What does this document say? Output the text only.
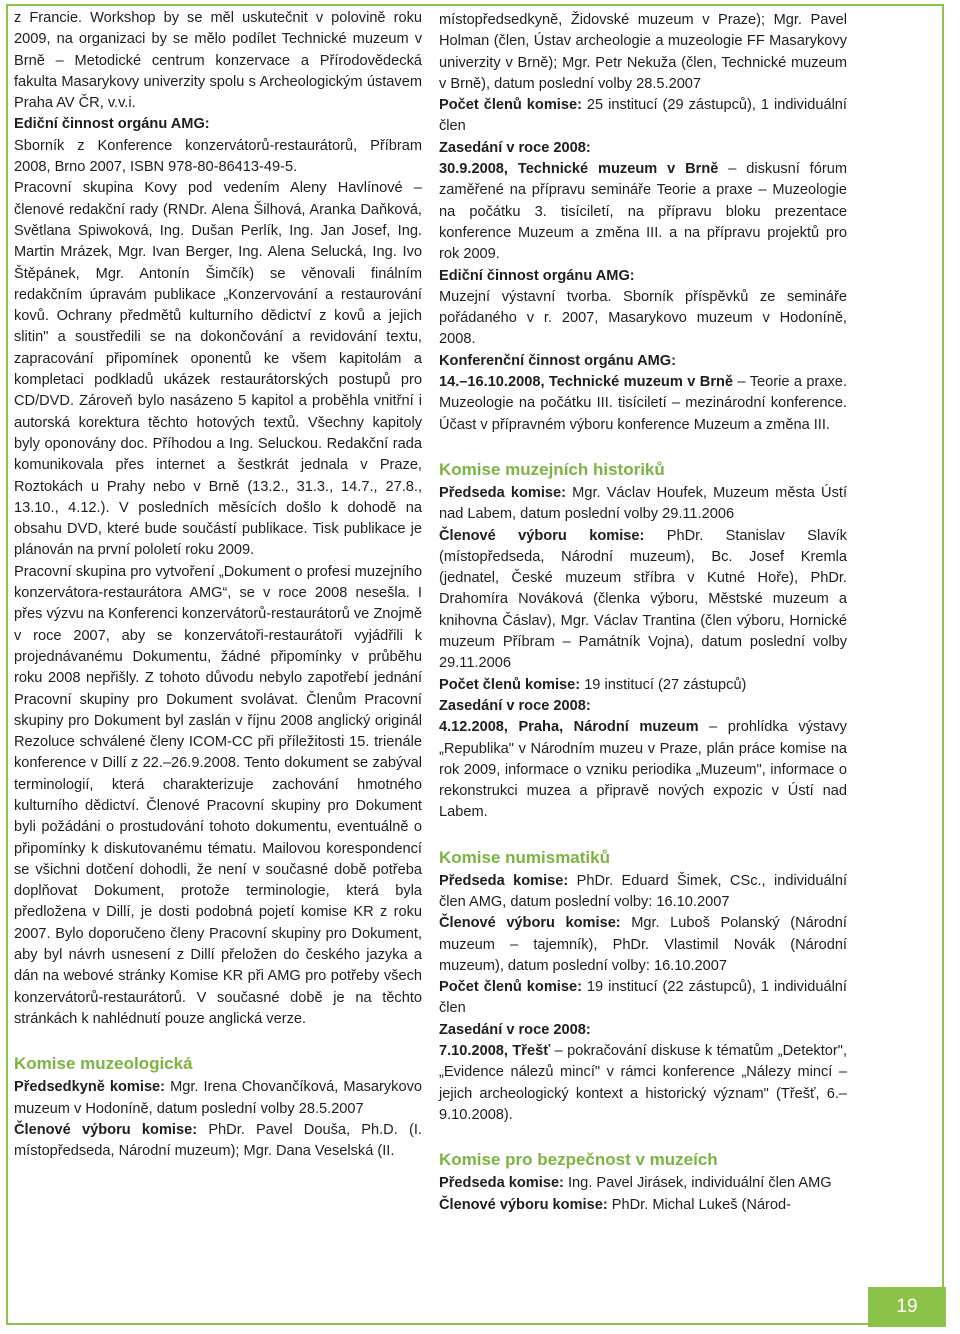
z Francie. Workshop by se měl uskutečnit v polovině roku 2009, na organizaci by se mělo podílet Technické muzeum v Brně – Metodické centrum konzervace a Přírodovědecká fakulta Masarykovy univerzity spolu s Archeologickým ústavem Praha AV ČR, v.v.i.

Ediční činnost orgánu AMG:
Sborník z Konference konzervátorů-restaurátorů, Příbram 2008, Brno 2007, ISBN 978-80-86413-49-5.

Pracovní skupina Kovy pod vedením Aleny Havlínové – členové redakční rady (RNDr. Alena Šilhová, Aranka Daňková, Světlana Spiwoková, Ing. Dušan Perlík, Ing. Jan Josef, Ing. Martin Mrázek, Mgr. Ivan Berger, Ing. Alena Selucká, Ing. Ivo Štěpánek, Mgr. Antonín Šimčík) se věnovali finálním redakčním úpravám publikace „Konzervování a restaurování kovů. Ochrany předmětů kulturního dědictví z kovů a jejich slitin" a soustředili se na dokončování a revidování textu, zapracování připomínek oponentů ke všem kapitolám a kompletaci podkladů ukázek restaurátorských postupů pro CD/DVD. Zároveň bylo nasázeno 5 kapitol a proběhla vnitřní i autorská korektura těchto hotových textů. Všechny kapitoly byly oponovány doc. Příhodou a Ing. Seluckou. Redakční rada komunikovala přes internet a šestkrát jednala v Praze, Roztokách u Prahy nebo v Brně (13.2., 31.3., 14.7., 27.8., 13.10., 4.12.). V posledních měsících došlo k dohodě na obsahu DVD, které bude součástí publikace. Tisk publikace je plánován na první pololetí roku 2009.

Pracovní skupina pro vytvoření „Dokument o profesi muzejního konzervátora-restaurátora AMG“, se v roce 2008 nesešla. I přes výzvu na Konferenci konzervátorů-restaurátorů ve Znojmě v roce 2007, aby se konzervátoři-restaurátoři vyjádřili k projednávanému Dokumentu, žádné připomínky v průběhu roku 2008 nepřišly. Z tohoto důvodu nebylo zapotřebí jednání Pracovní skupiny pro Dokument svolávat. Členům Pracovní skupiny pro Dokument byl zaslán v říjnu 2008 anglický originál Rezoluce schválené členy ICOM-CC při příležitosti 15. trienále konference v Dillí z 22.–26.9.2008. Tento dokument se zabýval terminologií, která charakterizuje zachování hmotného kulturního dědictví. Členové Pracovní skupiny pro Dokument byli požádáni o prostudování tohoto dokumentu, eventuálně o připomínky k diskutovanému tématu. Mailovou korespondencí se všichni dotčení dohodli, že není v současné době potřeba doplňovat Dokument, protože terminologie, která byla předložena v Dillí, je dosti podobná pojetí komise KR z roku 2007. Bylo doporučeno členy Pracovní skupiny pro Dokument, aby byl návrh usnesení z Dillí přeložen do českého jazyka a dán na webové stránky Komise KR při AMG pro potřeby všech konzervátorů-restaurátorů. V současné době je na těchto stránkách k nahlédnutí pouze anglická verze.

Komise muzeologická

Předsedkyně komise: Mgr. Irena Chovančíková, Masarykovo muzeum v Hodoníně, datum poslední volby 28.5.2007

Členové výboru komise: PhDr. Pavel Douša, Ph.D. (I. místopředseda, Národní muzeum); Mgr. Dana Veselská (II.

místopředsedkyně, Židovské muzeum v Praze); Mgr. Pavel Holman (člen, Ústav archeologie a muzeologie FF Masarykovy univerzity v Brně); Mgr. Petr Nekuža (člen, Technické muzeum v Brně), datum poslední volby 28.5.2007

Počet členů komise: 25 institucí (29 zástupců), 1 individuální člen

Zasedání v roce 2008:

30.9.2008, Technické muzeum v Brně – diskusní fórum zaměřené na přípravu semináře Teorie a praxe – Muzeologie na počátku 3. tisíciletí, na přípravu bloku prezentace konference Muzeum a změna III. a na přípravu projektů pro rok 2009.

Ediční činnost orgánu AMG:

Muzejní výstavní tvorba. Sborník příspěvků ze semináře pořádaného v r. 2007, Masarykovo muzeum v Hodoníně, 2008.

Konferenční činnost orgánu AMG:

14.–16.10.2008, Technické muzeum v Brně – Teorie a praxe. Muzeologie na počátku III. tisíciletí – mezinárodní konference. Účast v přípravném výboru konference Muzeum a změna III.

Komise muzejních historiků

Předseda komise: Mgr. Václav Houfek, Muzeum města Ústí nad Labem, datum poslední volby 29.11.2006

Členové výboru komise: PhDr. Stanislav Slavík (místopředseda, Národní muzeum), Bc. Josef Kremla (jednatel, České muzeum stříbra v Kutné Hoře), PhDr. Drahomíra Nováková (členka výboru, Městské muzeum a knihovna Čáslav), Mgr. Václav Trantina (člen výboru, Hornické muzeum Příbram – Památník Vojna), datum poslední volby 29.11.2006

Počet členů komise: 19 institucí (27 zástupců)

Zasedání v roce 2008:

4.12.2008, Praha, Národní muzeum – prohlídka výstavy „Republika" v Národním muzeu v Praze, plán práce komise na rok 2009, informace o vzniku periodika „Muzeum", informace o rekonstrukci muzea a připravě nových expozic v Ústí nad Labem.

Komise numismatiků

Předseda komise: PhDr. Eduard Šimek, CSc., individuální člen AMG, datum poslední volby: 16.10.2007

Členové výboru komise: Mgr. Luboš Polanský (Národní muzeum – tajemník), PhDr. Vlastimil Novák (Národní muzeum), datum poslední volby: 16.10.2007

Počet členů komise: 19 institucí (22 zástupců), 1 individuální člen

Zasedání v roce 2008:

7.10.2008, Třešť – pokračování diskuse k tématům „Detektor", „Evidence nálezů mincí" v rámci konference „Nálezy mincí – jejich archeologický kontext a historický význam" (Třešť, 6.–9.10.2008).

Komise pro bezpečnost v muzeích

Předseda komise: Ing. Pavel Jirásek, individuální člen AMG

Členové výboru komise: PhDr. Michal Lukeš (Národ-

19
